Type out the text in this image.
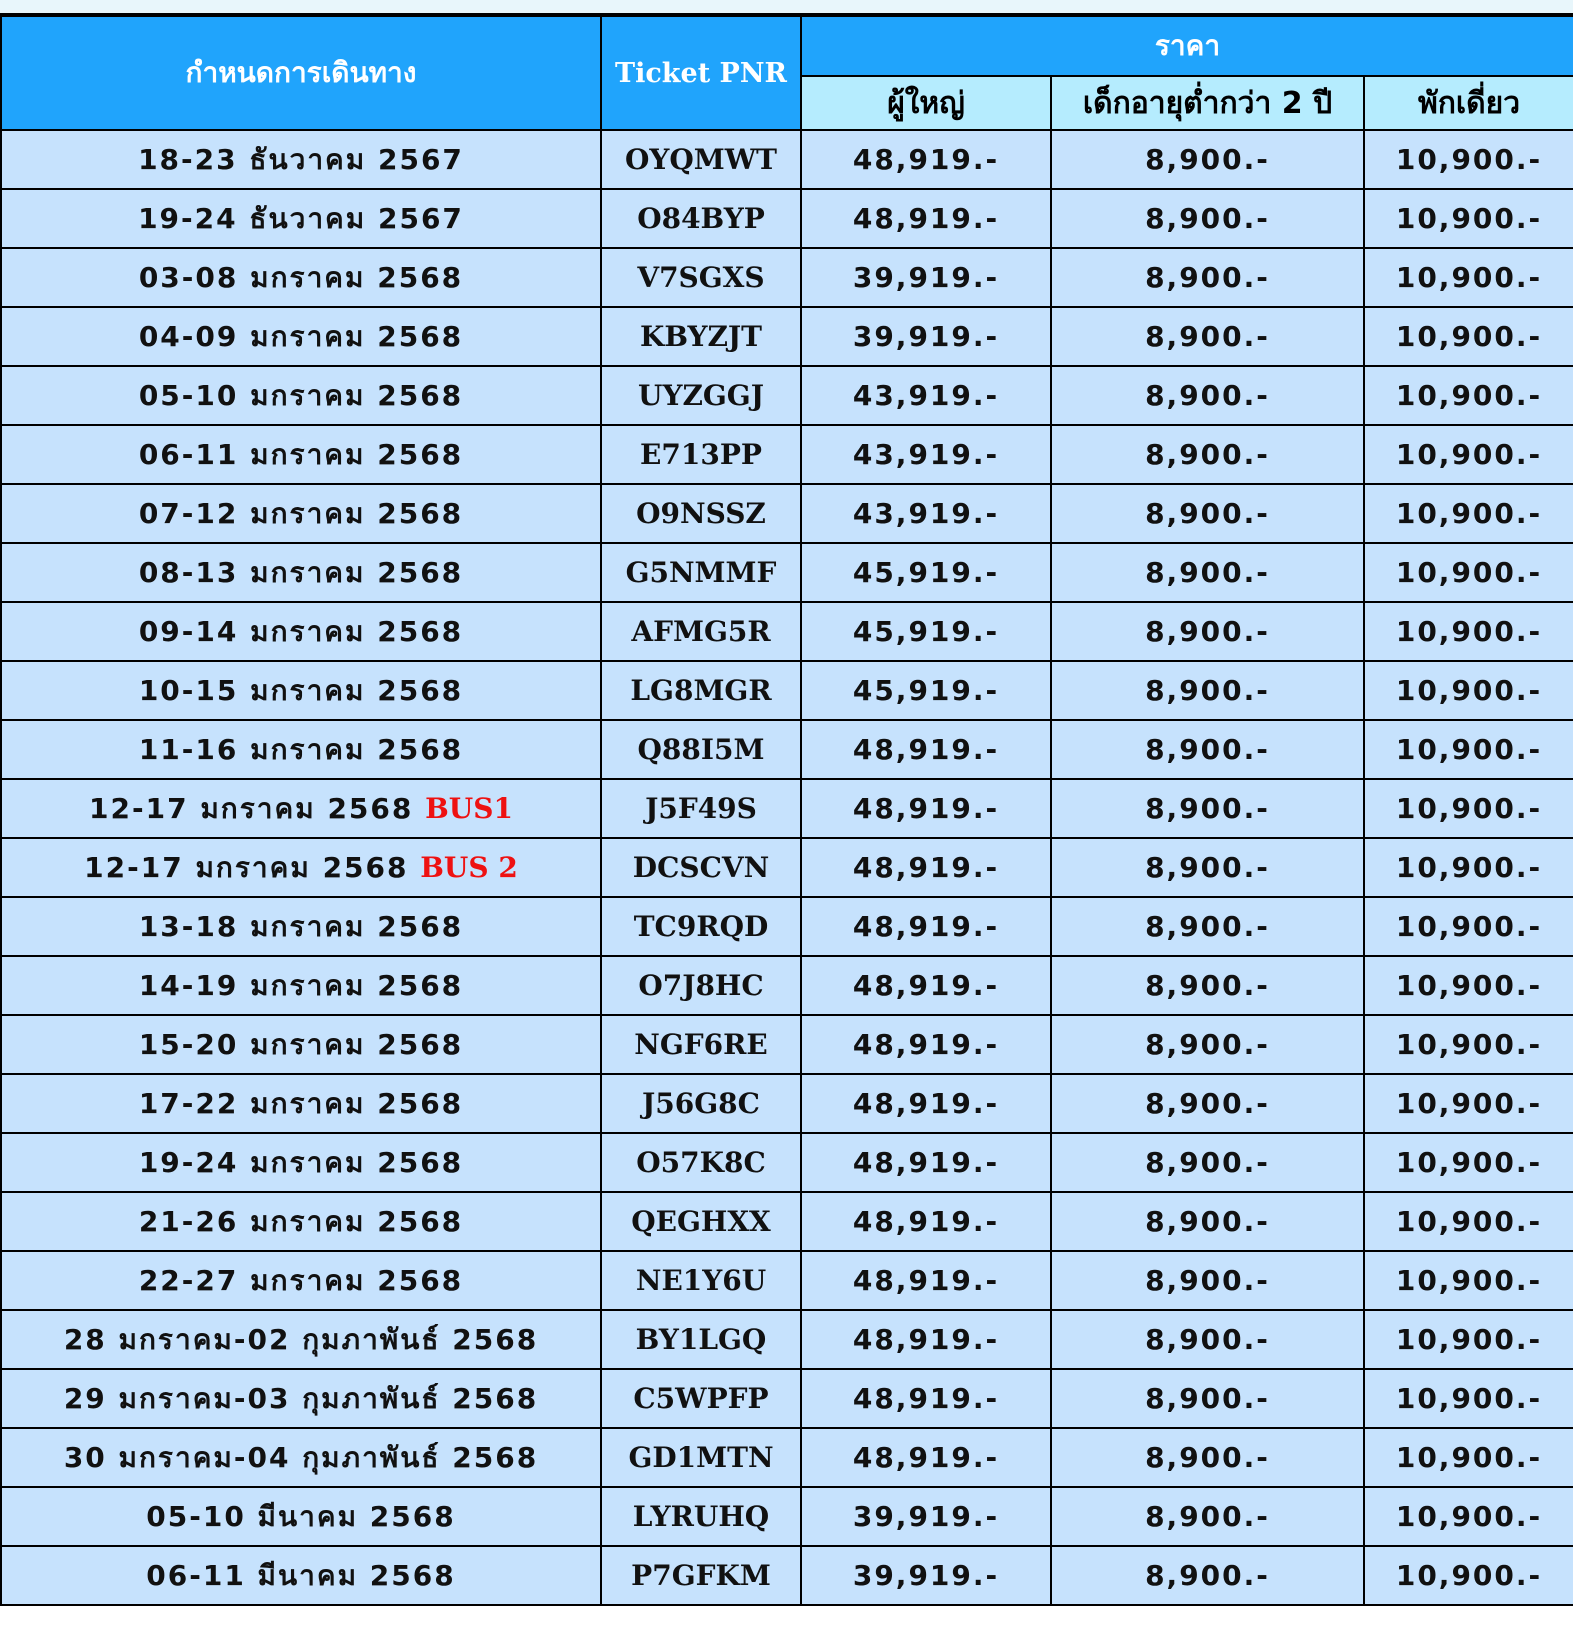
กำหนดการเดินทาง	Ticket PNR	ราคา		
		ผู้ใหญ่	เด็กอายุต่ำกว่า 2 ปี	พักเดี่ยว
18-23 ธันวาคม 2567	OYQMWT	48,919.-	8,900.-	10,900.-
19-24 ธันวาคม 2567	O84BYP	48,919.-	8,900.-	10,900.-
03-08 มกราคม 2568	V7SGXS	39,919.-	8,900.-	10,900.-
04-09 มกราคม 2568	KBYZJT	39,919.-	8,900.-	10,900.-
05-10 มกราคม 2568	UYZGGJ	43,919.-	8,900.-	10,900.-
06-11 มกราคม 2568	E713PP	43,919.-	8,900.-	10,900.-
07-12 มกราคม 2568	O9NSSZ	43,919.-	8,900.-	10,900.-
08-13 มกราคม 2568	G5NMMF	45,919.-	8,900.-	10,900.-
09-14 มกราคม 2568	AFMG5R	45,919.-	8,900.-	10,900.-
10-15 มกราคม 2568	LG8MGR	45,919.-	8,900.-	10,900.-
11-16 มกราคม 2568	Q88I5M	48,919.-	8,900.-	10,900.-
12-17 มกราคม 2568 BUS1	J5F49S	48,919.-	8,900.-	10,900.-
12-17 มกราคม 2568 BUS 2	DCSCVN	48,919.-	8,900.-	10,900.-
13-18 มกราคม 2568	TC9RQD	48,919.-	8,900.-	10,900.-
14-19 มกราคม 2568	O7J8HC	48,919.-	8,900.-	10,900.-
15-20 มกราคม 2568	NGF6RE	48,919.-	8,900.-	10,900.-
17-22 มกราคม 2568	J56G8C	48,919.-	8,900.-	10,900.-
19-24 มกราคม 2568	O57K8C	48,919.-	8,900.-	10,900.-
21-26 มกราคม 2568	QEGHXX	48,919.-	8,900.-	10,900.-
22-27 มกราคม 2568	NE1Y6U	48,919.-	8,900.-	10,900.-
28 มกราคม-02 กุมภาพันธ์ 2568	BY1LGQ	48,919.-	8,900.-	10,900.-
29 มกราคม-03 กุมภาพันธ์ 2568	C5WPFP	48,919.-	8,900.-	10,900.-
30 มกราคม-04 กุมภาพันธ์ 2568	GD1MTN	48,919.-	8,900.-	10,900.-
05-10 มีนาคม 2568	LYRUHQ	39,919.-	8,900.-	10,900.-
06-11 มีนาคม 2568	P7GFKM	39,919.-	8,900.-	10,900.-
